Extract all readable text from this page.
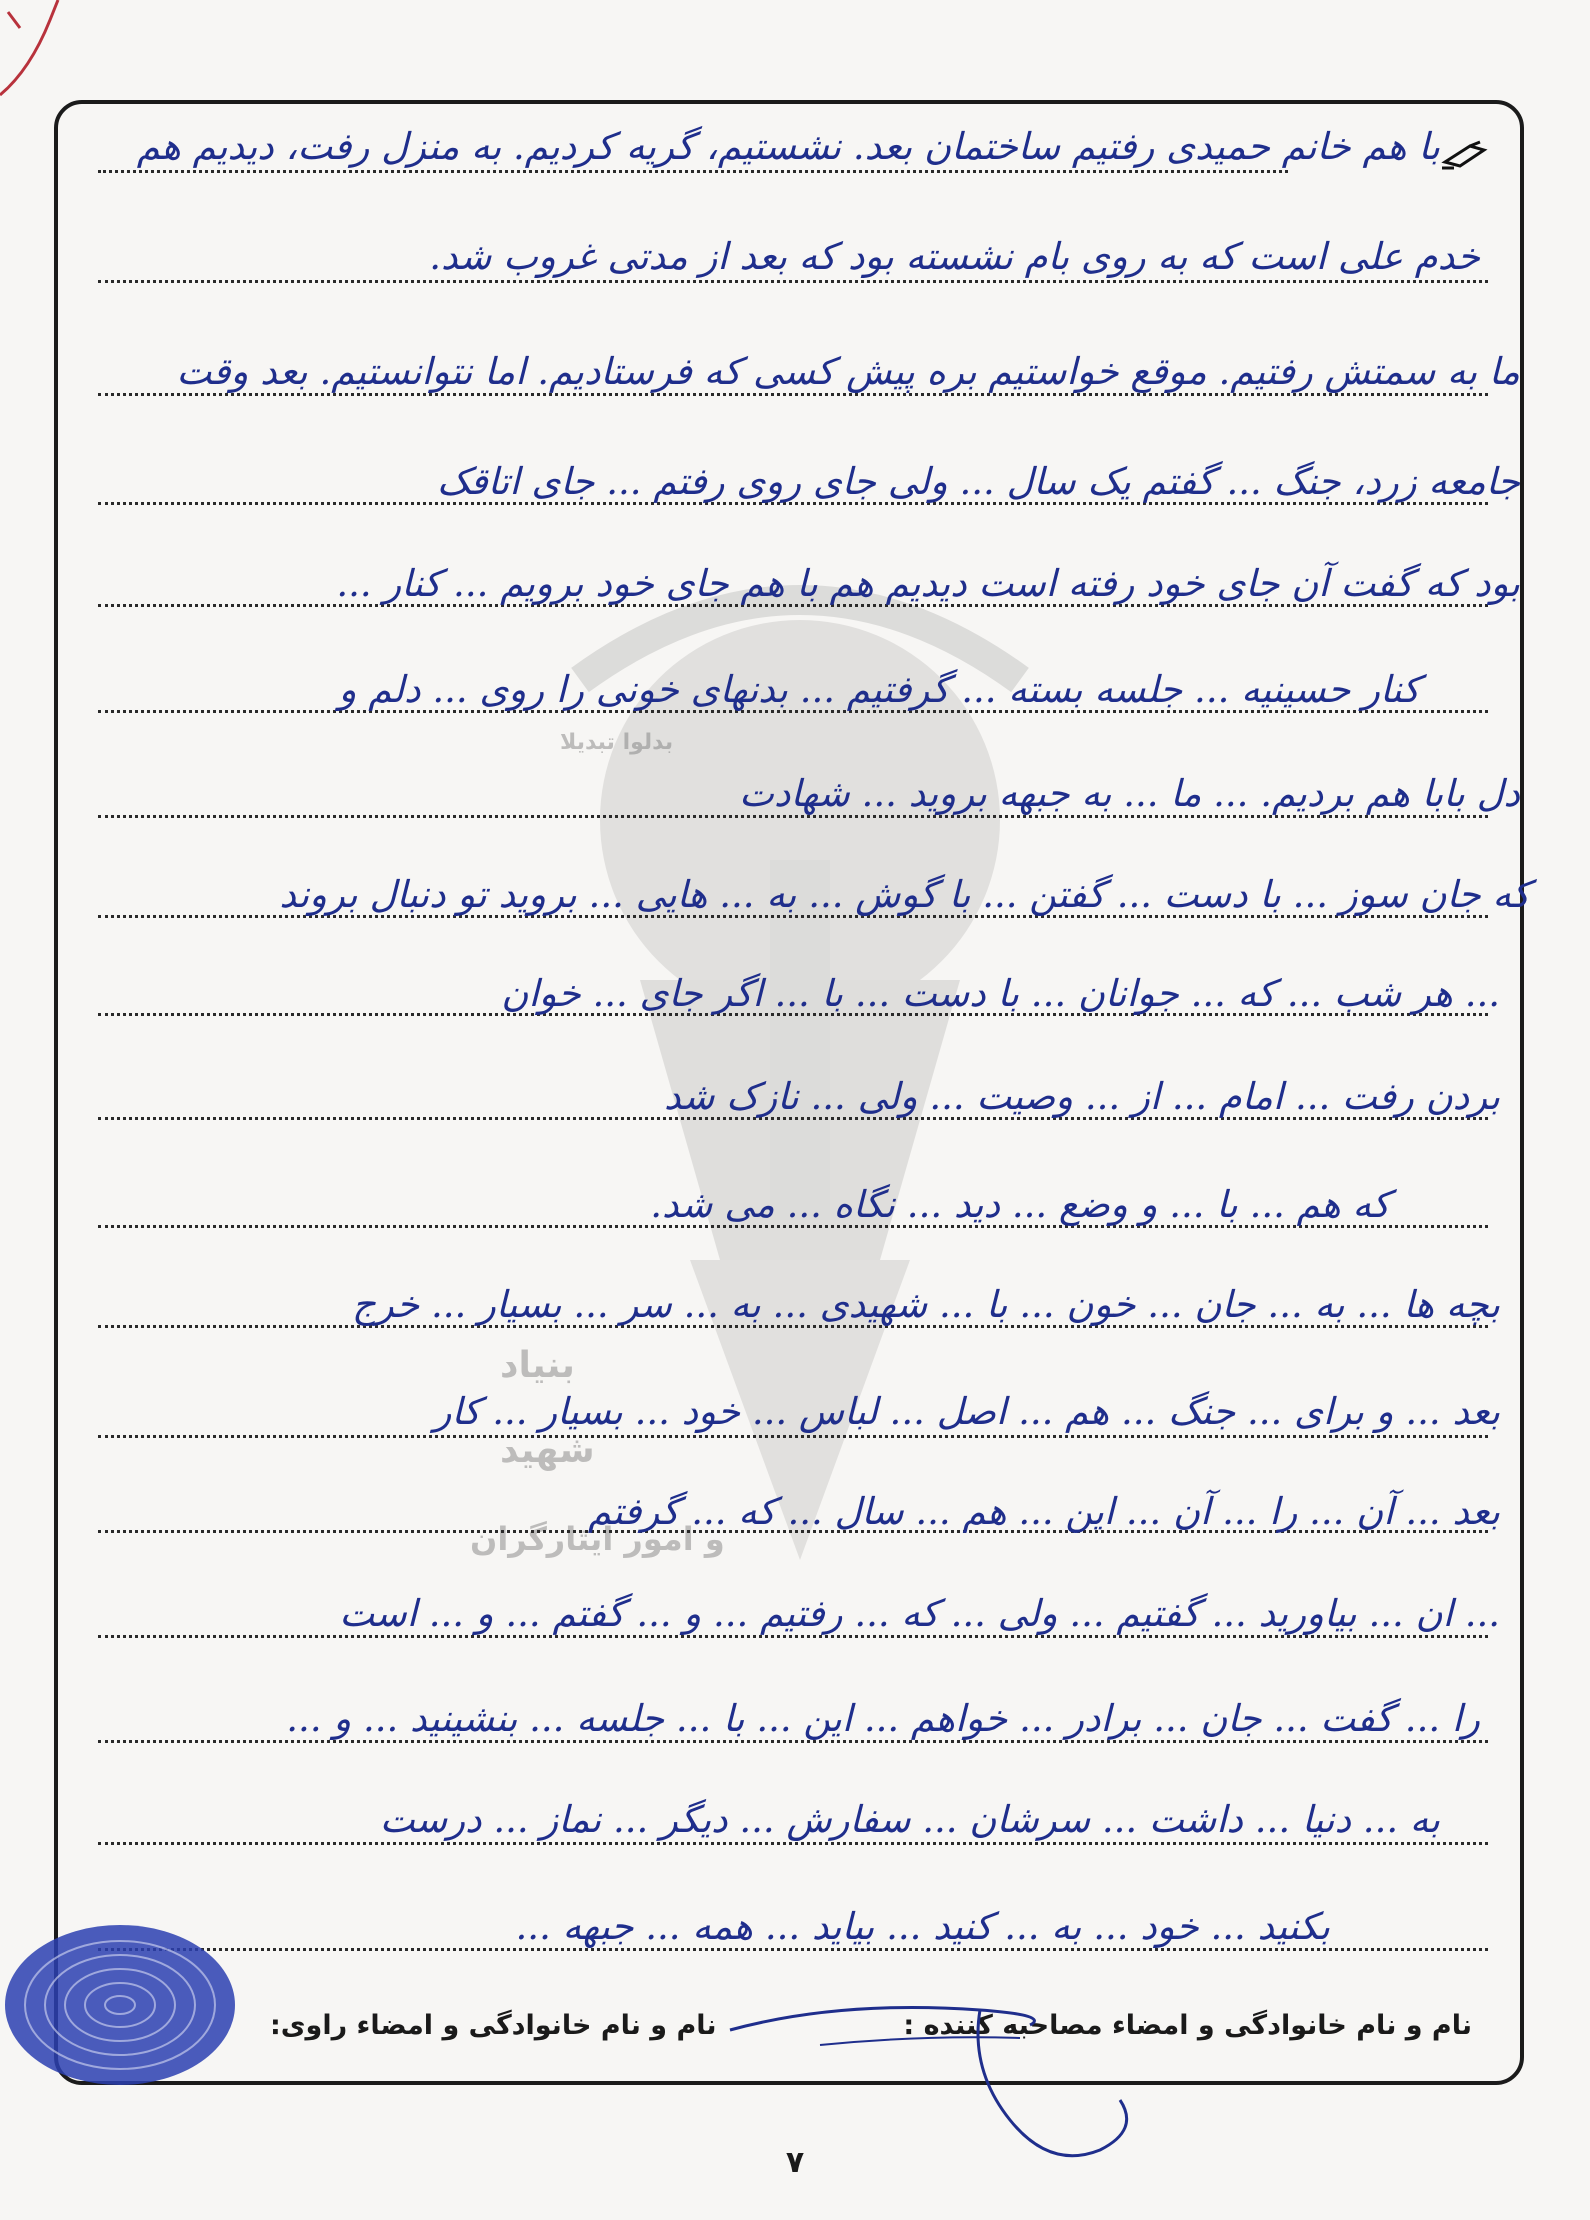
بدلوا تبدیلا
بنیاد
شهید
و امور ایثارگران
با هم خانم حمیدی رفتیم ساختمان بعد. نشستیم، گریه کردیم. به منزل رفت، دیدیم هم
خدم علی است که به روی بام نشسته بود که بعد از مدتی غروب شد.
ما به سمتش رفتیم. موقع خواستیم بره پیش کسی که فرستادیم. اما نتوانستیم. بعد وقت
جامعه زرد، جنگ ... گفتم یک سال ... ولی جای روی رفتم ... جای اتاقک
بود که گفت آن جای خود رفته است دیدیم هم با هم جای خود برویم ... کنار ...
کنار حسینیه ... جلسه بسته ... گرفتیم ... بدنهای خونی را روی ... دلم و
دل بابا هم بردیم. ... ما ... به جبهه بروید ... شهادت
که جان سوز ... با دست ... گفتن ... با گوش ... به ... هایی ... بروید تو دنبال بروند
... هر شب ... که ... جوانان ... با دست ... با ... اگر جای ... خوان
بردن رفت ... امام ... از ... وصیت ... ولی ... نازک شد
که هم ... با ... و وضع ... دید ... نگاه ... می شد.
بچه ها ... به ... جان ... خون ... با ... شهیدی ... به ... سر ... بسیار ... خرج
بعد ... و برای ... جنگ ... هم ... اصل ... لباس ... خود ... بسیار ... کار
بعد ... آن ... را ... آن ... این ... هم ... سال ... که ... گرفتم
... ان ... بیاورید ... گفتیم ... ولی ... که ... رفتیم ... و ... گفتم ... و ... است
را ... گفت ... جان ... برادر ... خواهم ... این ... با ... جلسه ... بنشینید ... و ...
به ... دنیا ... داشت ... سرشان ... سفارش ... دیگر ... نماز ... درست
بکنید ... خود ... به ... کنید ... بیاید ... همه ... جبهه ...
نام و نام خانوادگی و امضاء مصاحبه کننده :
نام و نام خانوادگی و امضاء راوی:
۷
